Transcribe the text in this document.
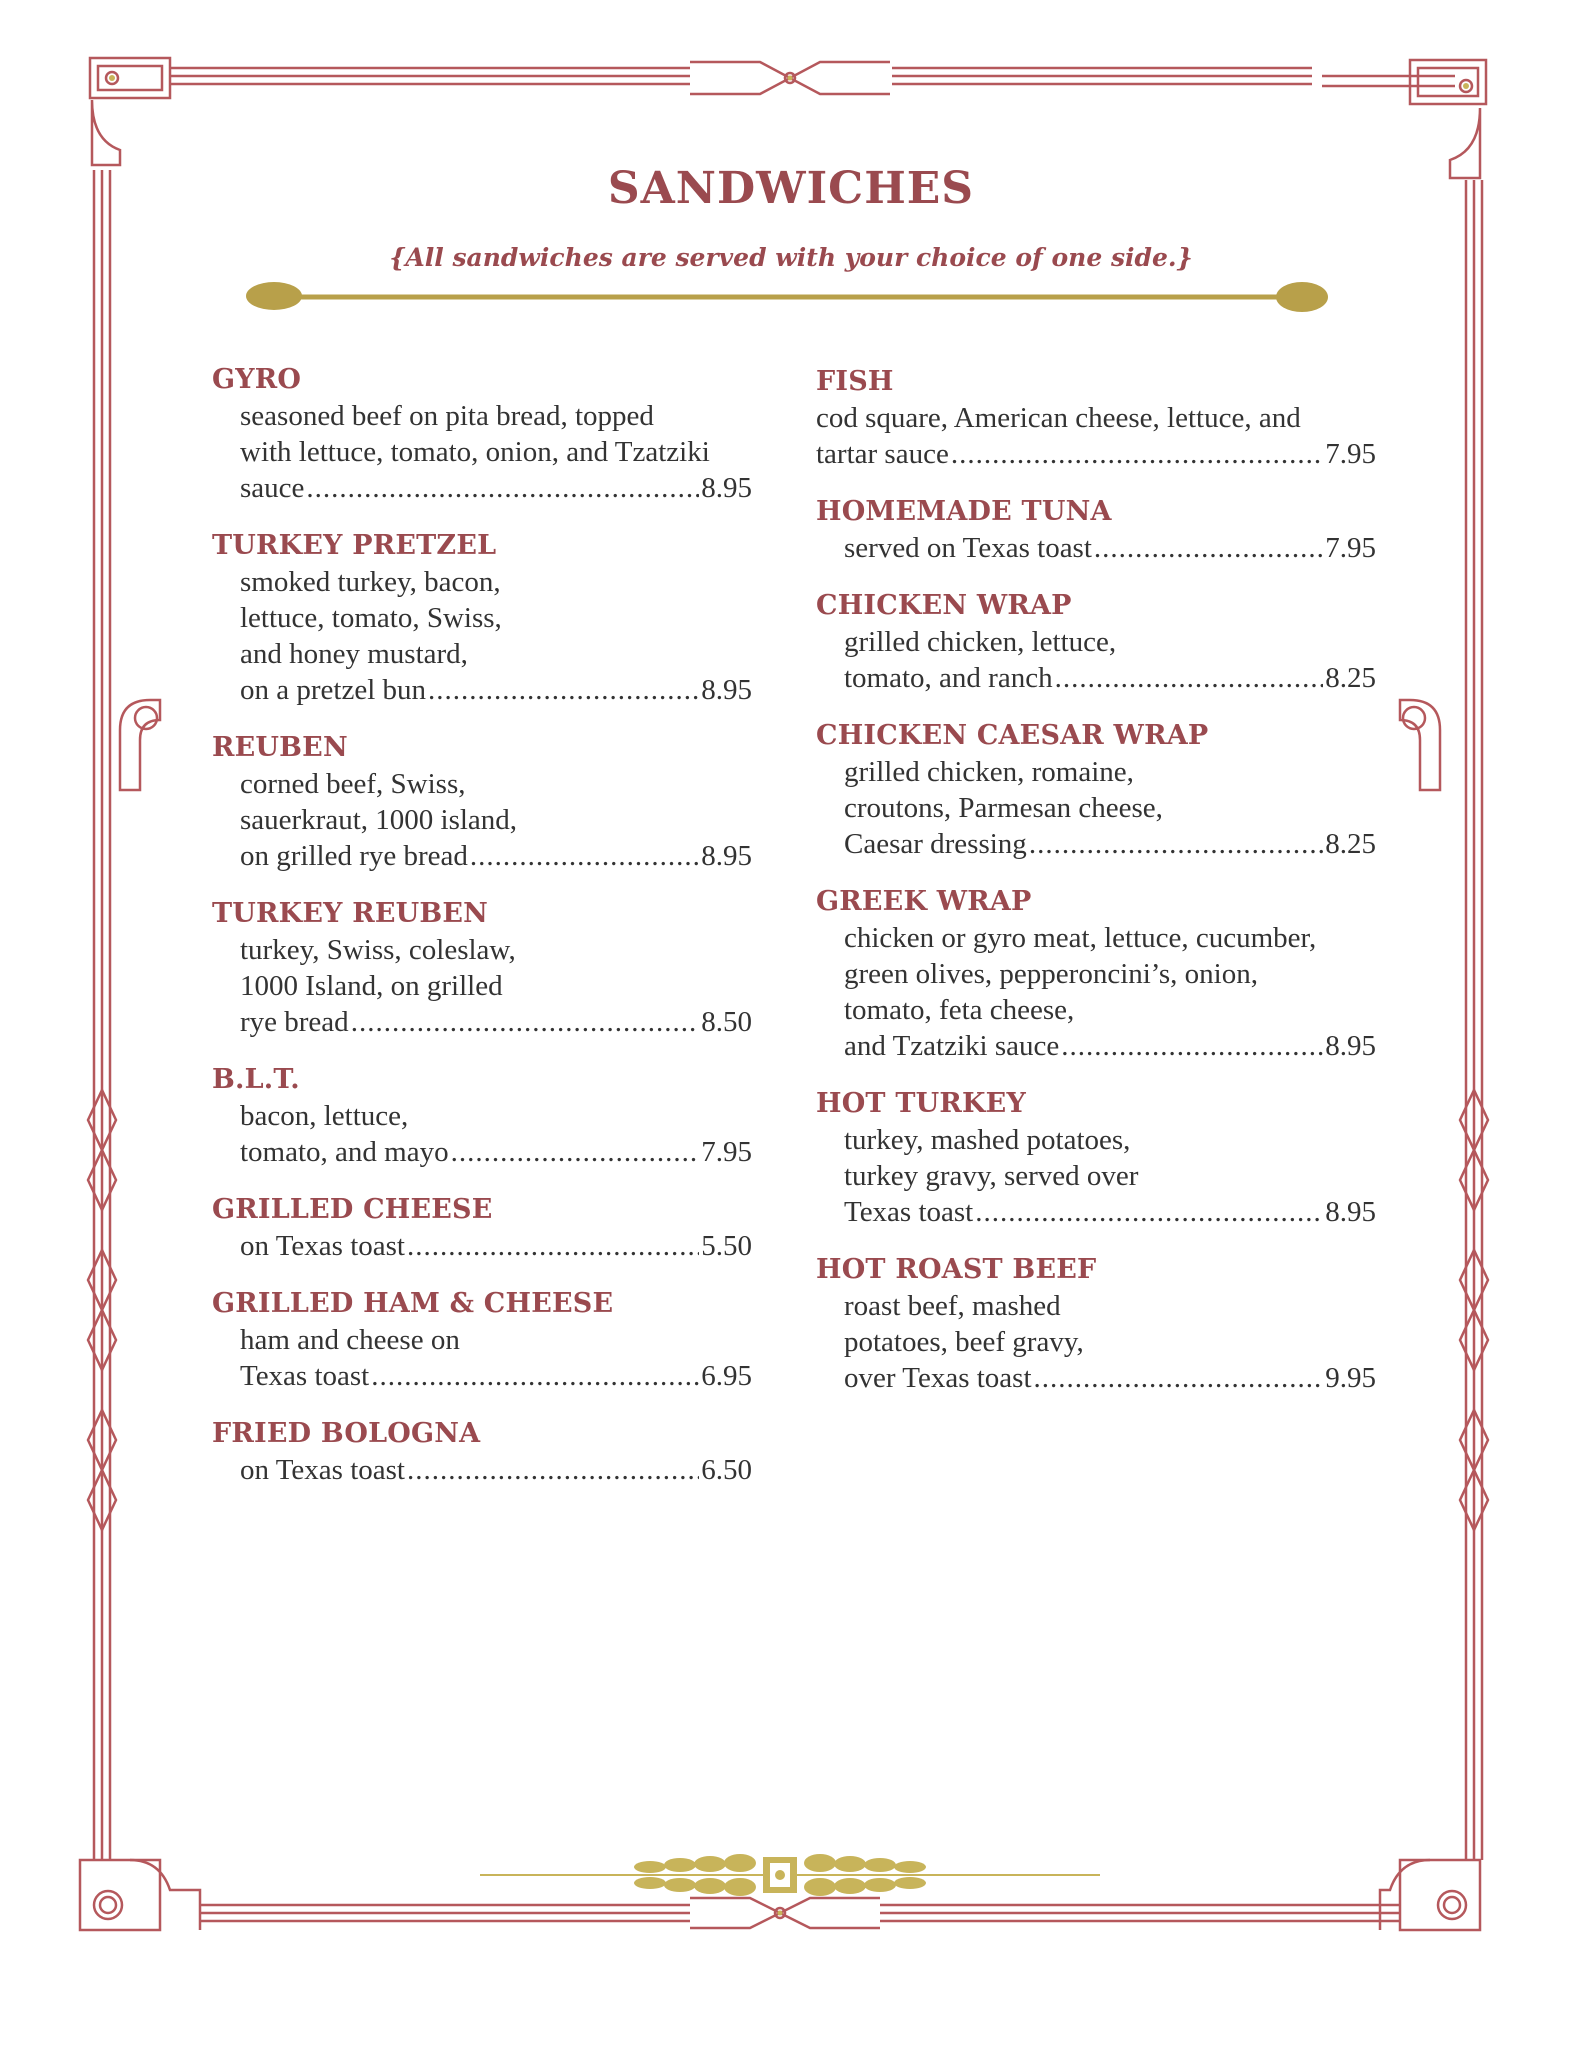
SANDWICHES
{All sandwiches are served with your choice of one side.}
GYRO
seasoned beef on pita bread, topped
with lettuce, tomato, onion, and Tzatziki
sauce .....	8.95
TURKEY PRETZEL
smoked turkey, bacon,
lettuce, tomato, Swiss,
and honey mustard,
on a pretzel bun .....	8.95
REUBEN
corned beef, Swiss,
sauerkraut, 1000 island,
on grilled rye bread .....	8.95
TURKEY REUBEN
turkey, Swiss, coleslaw,
1000 Island, on grilled
rye bread .....	8.50
B.L.T.
bacon, lettuce,
tomato, and mayo .....	7.95
GRILLED CHEESE
on Texas toast .....	5.50
GRILLED HAM & CHEESE
ham and cheese on
Texas toast .....	6.95
FRIED BOLOGNA
on Texas toast .....	6.50
FISH
cod square, American cheese, lettuce, and
tartar sauce .....	7.95
HOMEMADE TUNA
served on Texas toast .....	7.95
CHICKEN WRAP
grilled chicken, lettuce,
tomato, and ranch .....	8.25
CHICKEN CAESAR WRAP
grilled chicken, romaine,
croutons, Parmesan cheese,
Caesar dressing .....	8.25
GREEK WRAP
chicken or gyro meat, lettuce, cucumber,
green olives, pepperoncini’s, onion,
tomato, feta cheese,
and Tzatziki sauce .....	8.95
HOT TURKEY
turkey, mashed potatoes,
turkey gravy, served over
Texas toast .....	8.95
HOT ROAST BEEF
roast beef, mashed
potatoes, beef gravy,
over Texas toast .....	9.95
